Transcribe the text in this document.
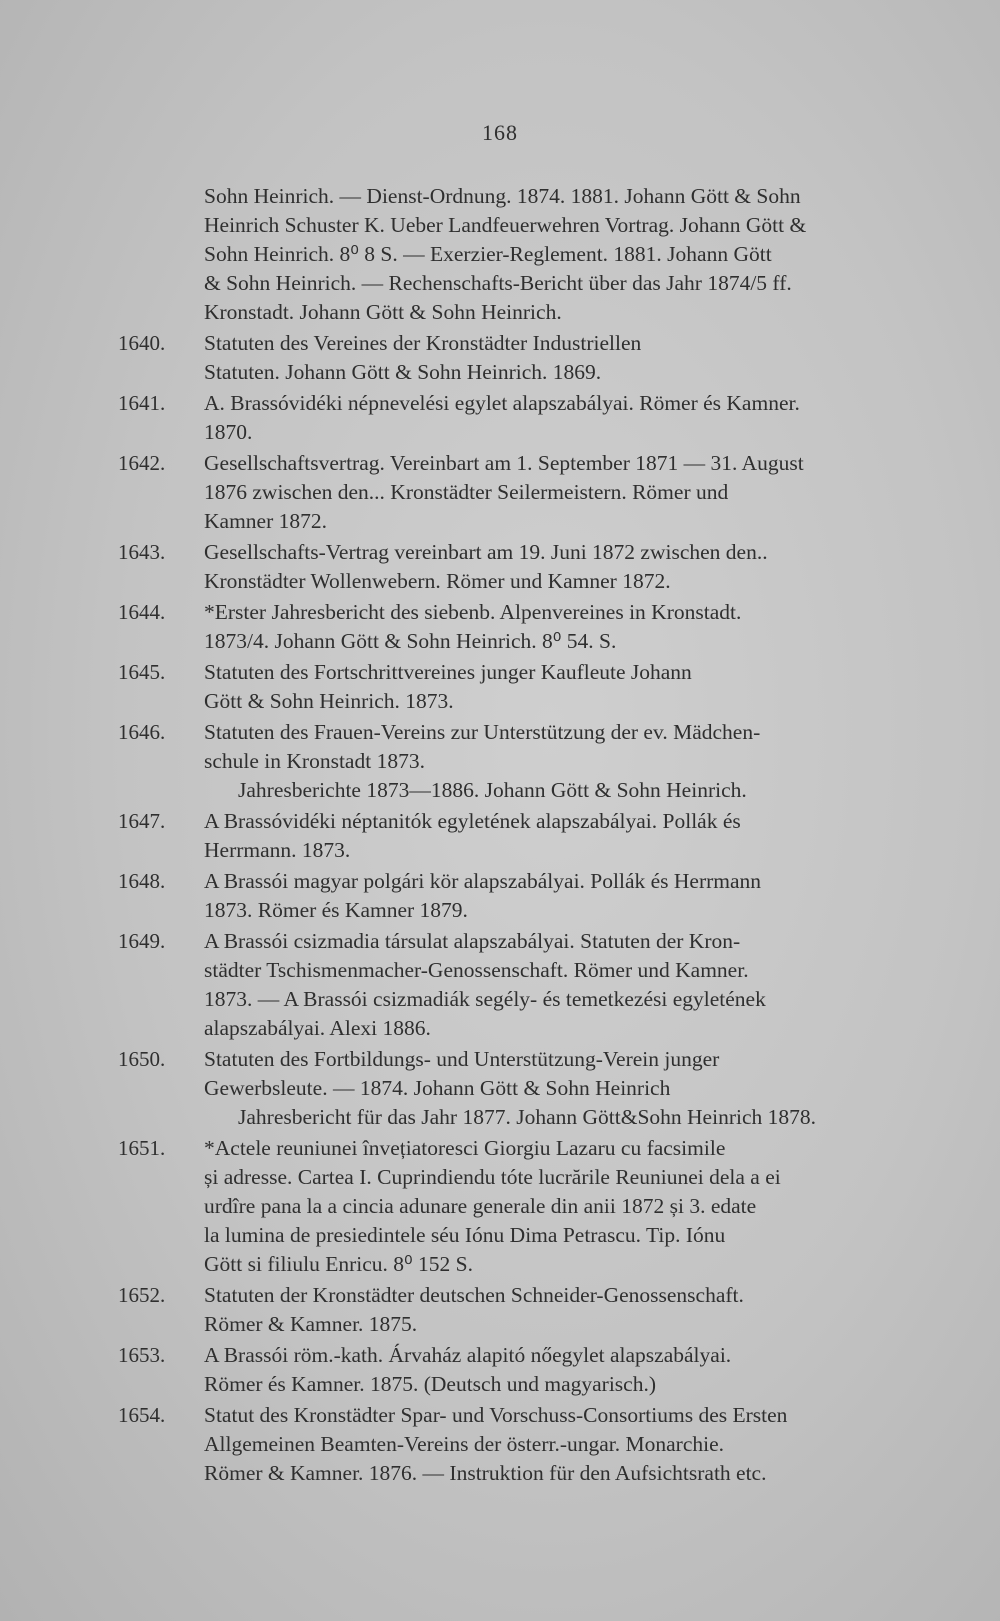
168
Sohn Heinrich. — Dienst-Ordnung. 1874. 1881. Johann Gött & Sohn
Heinrich Schuster K. Ueber Landfeuerwehren Vortrag. Johann Gött &
Sohn Heinrich. 8⁰ 8 S. — Exerzier-Reglement. 1881. Johann Gött
& Sohn Heinrich. — Rechenschafts-Bericht über das Jahr 1874/5 ff.
Kronstadt. Johann Gött & Sohn Heinrich.
1640.	Statuten des Vereines der Kronstädter Industriellen
Statuten. Johann Gött & Sohn Heinrich. 1869.
1641.	A. Brassóvidéki népnevelési egylet alapszabályai. Römer és Kamner.
1870.
1642.	Gesellschaftsvertrag. Vereinbart am 1. September 1871 — 31. August
1876 zwischen den... Kronstädter Seilermeistern. Römer und
Kamner 1872.
1643.	Gesellschafts-Vertrag vereinbart am 19. Juni 1872 zwischen den..
Kronstädter Wollenwebern. Römer und Kamner 1872.
1644.	*Erster Jahresbericht des siebenb. Alpenvereines in Kronstadt.
1873/4. Johann Gött & Sohn Heinrich. 8⁰ 54. S.
1645.	Statuten des Fortschrittvereines junger Kaufleute Johann
Gött & Sohn Heinrich. 1873.
1646.	Statuten des Frauen-Vereins zur Unterstützung der ev. Mädchen-
schule in Kronstadt 1873.
Jahresberichte 1873—1886. Johann Gött & Sohn Heinrich.
1647.	A Brassóvidéki néptanitók egyletének alapszabályai. Pollák és
Herrmann. 1873.
1648.	A Brassói magyar polgári kör alapszabályai. Pollák és Herrmann
1873. Römer és Kamner 1879.
1649.	A Brassói csizmadia társulat alapszabályai. Statuten der Kron-
städter Tschismenmacher-Genossenschaft. Römer und Kamner.
1873. — A Brassói csizmadiák segély- és temetkezési egyletének
alapszabályai. Alexi 1886.
1650.	Statuten des Fortbildungs- und Unterstützung-Verein junger
Gewerbsleute. — 1874. Johann Gött & Sohn Heinrich
Jahresbericht für das Jahr 1877. Johann Gött&Sohn Heinrich 1878.
1651.	*Actele reuniunei învețiatoresci Giorgiu Lazaru cu facsimile
și adresse. Cartea I. Cuprindiendu tóte lucrările Reuniunei dela a ei
urdîre pana la a cincia adunare generale din anii 1872 și 3. edate
la lumina de presiedintele séu Iónu Dima Petrascu. Tip. Iónu
Gött si filiulu Enricu. 8⁰ 152 S.
1652.	Statuten der Kronstädter deutschen Schneider-Genossenschaft.
Römer & Kamner. 1875.
1653.	A Brassói röm.-kath. Árvaház alapitó nőegylet alapszabályai.
Römer és Kamner. 1875. (Deutsch und magyarisch.)
1654.	Statut des Kronstädter Spar- und Vorschuss-Consortiums des Ersten
Allgemeinen Beamten-Vereins der österr.-ungar. Monarchie.
Römer & Kamner. 1876. — Instruktion für den Aufsichtsrath etc.
